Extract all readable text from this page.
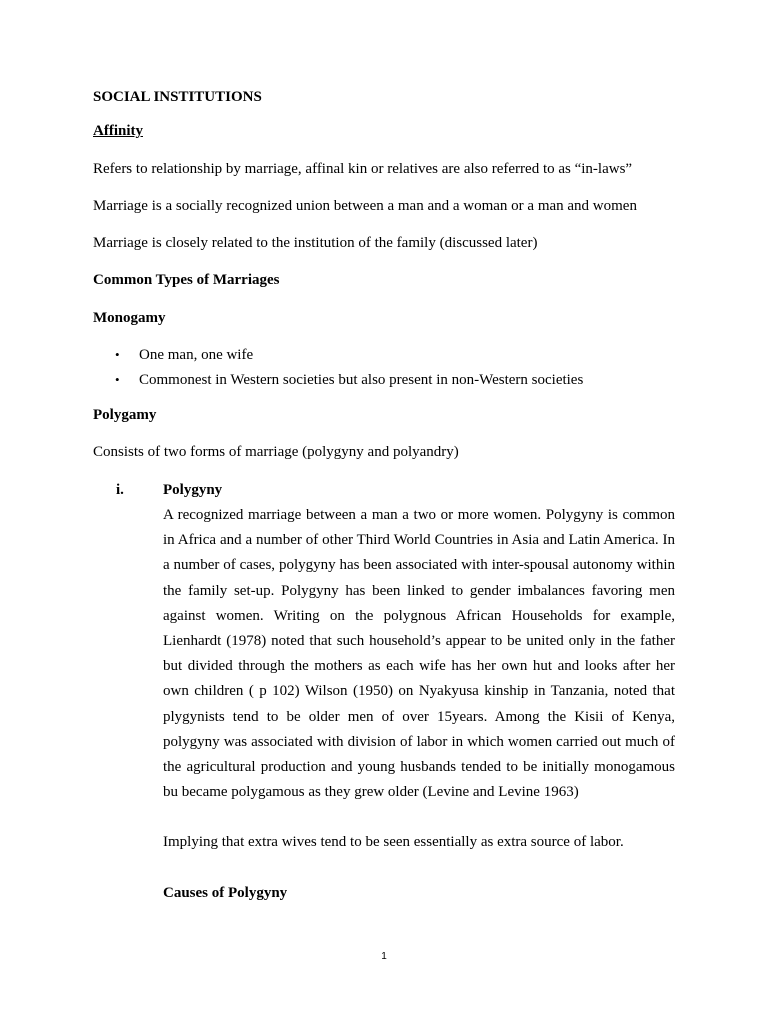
SOCIAL INSTITUTIONS
Affinity
Refers to relationship by marriage, affinal kin or relatives are also referred to as “in-laws”
Marriage is a socially recognized union between a man and a woman or a man and women
Marriage is closely related to the institution of the family (discussed later)
Common Types of Marriages
Monogamy
• One man, one wife
• Commonest in Western societies but also present in non-Western societies
Polygamy
Consists of two forms of marriage (polygyny and polyandry)
i.	Polygyny
A recognized marriage between a man a two or more women. Polygyny is common in Africa and a number of other Third World Countries in Asia and Latin America. In a number of cases, polygyny has been associated with inter-spousal autonomy within the family set-up. Polygyny has been linked to gender imbalances favoring men against women. Writing on the polygnous African Households for example, Lienhardt (1978) noted that such household’s appear to be united only in the father but divided through the mothers as each wife has her own hut and looks after her own children ( p 102) Wilson (1950) on Nyakyusa kinship in Tanzania, noted that plygynists tend to be older men of over 15years. Among the Kisii of Kenya, polygyny was associated with division of labor in which women carried out much of the agricultural production and young husbands tended to be initially monogamous bu became polygamous as they grew older (Levine and Levine 1963)
Implying that extra wives tend to be seen essentially as extra source of labor.
Causes of Polygyny
1
